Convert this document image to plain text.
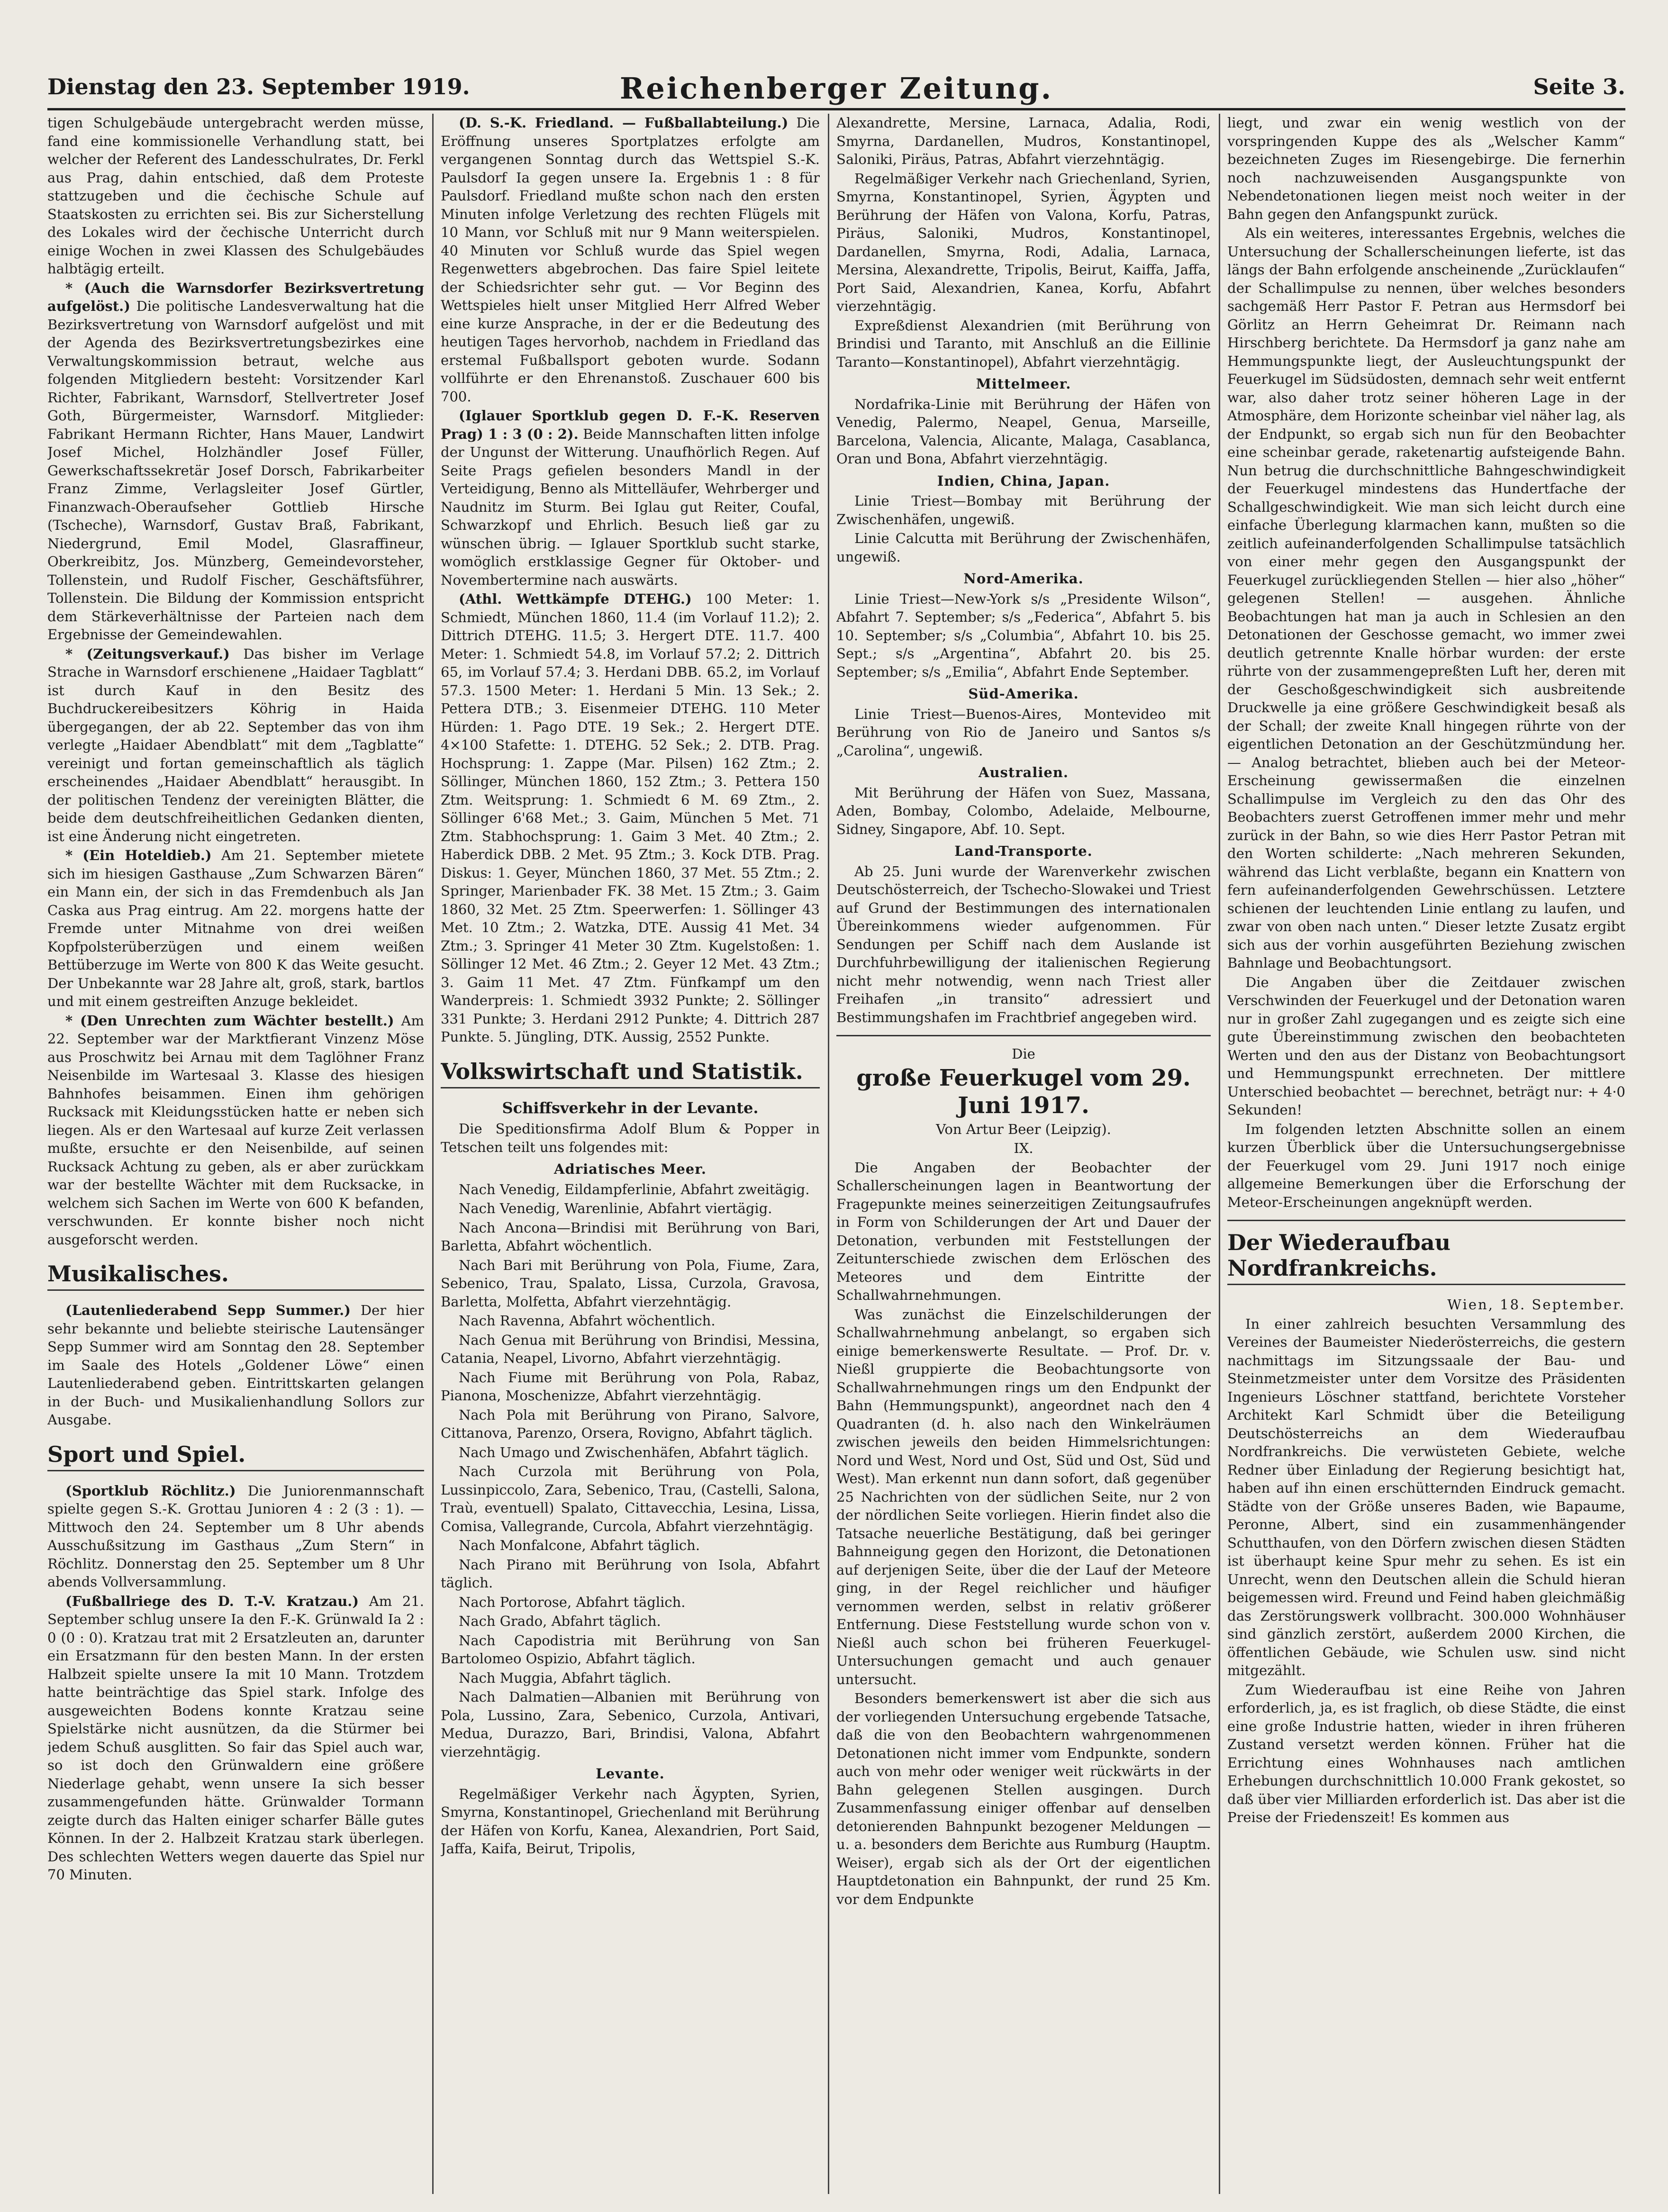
Dienstag den 23. September 1919.	Reichenberger Zeitung.	Seite 3.

tigen Schulgebäude untergebracht werden müsse, fand eine kommissionelle Verhandlung statt, bei welcher der Referent des Landesschulrates, Dr. Ferkl aus Prag, dahin entschied, daß dem Proteste stattzugeben und die čechische Schule auf Staatskosten zu errichten sei. Bis zur Sicherstellung des Lokales wird der čechische Unterricht durch einige Wochen in zwei Klassen des Schulgebäudes halbtägig erteilt.

* (Auch die Warnsdorfer Bezirksvertretung aufgelöst.) Die politische Landesverwaltung hat die Bezirksvertretung von Warnsdorf aufgelöst und mit der Agenda des Bezirksvertretungsbezirkes eine Verwaltungskommission betraut, welche aus folgenden Mitgliedern besteht: Vorsitzender Karl Richter, Fabrikant, Warnsdorf, Stellvertreter Josef Goth, Bürgermeister, Warnsdorf. Mitglieder: Fabrikant Hermann Richter, Hans Mauer, Landwirt Josef Michel, Holzhändler Josef Füller, Gewerkschaftssekretär Josef Dorsch, Fabrikarbeiter Franz Zimme, Verlagsleiter Josef Gürtler, Finanzwach-Oberaufseher Gottlieb Hirsche (Tscheche), Warnsdorf, Gustav Braß, Fabrikant, Niedergrund, Emil Model, Glasraffineur, Oberkreibitz, Jos. Münzberg, Gemeindevorsteher, Tollenstein, und Rudolf Fischer, Geschäftsführer, Tollenstein. Die Bildung der Kommission entspricht dem Stärkeverhältnisse der Parteien nach dem Ergebnisse der Gemeindewahlen.

* (Zeitungsverkauf.) Das bisher im Verlage Strache in Warnsdorf erschienene „Haidaer Tagblatt“ ist durch Kauf in den Besitz des Buchdruckereibesitzers Köhrig in Haida übergegangen, der ab 22. September das von ihm verlegte „Haidaer Abendblatt“ mit dem „Tagblatte“ vereinigt und fortan gemeinschaftlich als täglich erscheinendes „Haidaer Abendblatt“ herausgibt. In der politischen Tendenz der vereinigten Blätter, die beide dem deutschfreiheitlichen Gedanken dienten, ist eine Änderung nicht eingetreten.

* (Ein Hoteldieb.) Am 21. September mietete sich im hiesigen Gasthause „Zum Schwarzen Bären“ ein Mann ein, der sich in das Fremdenbuch als Jan Caska aus Prag eintrug. Am 22. morgens hatte der Fremde unter Mitnahme von drei weißen Kopfpolsterüberzügen und einem weißen Bettüberzuge im Werte von 800 K das Weite gesucht. Der Unbekannte war 28 Jahre alt, groß, stark, bartlos und mit einem gestreiften Anzuge bekleidet.

* (Den Unrechten zum Wächter bestellt.) Am 22. September war der Marktfierant Vinzenz Möse aus Proschwitz bei Arnau mit dem Taglöhner Franz Neisenbilde im Wartesaal 3. Klasse des hiesigen Bahnhofes beisammen. Einen ihm gehörigen Rucksack mit Kleidungsstücken hatte er neben sich liegen. Als er den Wartesaal auf kurze Zeit verlassen mußte, ersuchte er den Neisenbilde, auf seinen Rucksack Achtung zu geben, als er aber zurückkam war der bestellte Wächter mit dem Rucksacke, in welchem sich Sachen im Werte von 600 K befanden, verschwunden. Er konnte bisher noch nicht ausgeforscht werden.

Musikalisches.

(Lautenliederabend Sepp Summer.) Der hier sehr bekannte und beliebte steirische Lautensänger Sepp Summer wird am Sonntag den 28. September im Saale des Hotels „Goldener Löwe“ einen Lautenliederabend geben. Eintrittskarten gelangen in der Buch- und Musikalienhandlung Sollors zur Ausgabe.

Sport und Spiel.

(Sportklub Röchlitz.) Die Juniorenmannschaft spielte gegen S.-K. Grottau Junioren 4 : 2 (3 : 1). — Mittwoch den 24. September um 8 Uhr abends Ausschußsitzung im Gasthaus „Zum Stern“ in Röchlitz. Donnerstag den 25. September um 8 Uhr abends Vollversammlung.

(Fußballriege des D. T.-V. Kratzau.) Am 21. September schlug unsere Ia den F.-K. Grünwald Ia 2 : 0 (0 : 0). Kratzau trat mit 2 Ersatzleuten an, darunter ein Ersatzmann für den besten Mann. In der ersten Halbzeit spielte unsere Ia mit 10 Mann. Trotzdem hatte beinträchtige das Spiel stark. Infolge des ausgeweichten Bodens konnte Kratzau seine Spielstärke nicht ausnützen, da die Stürmer bei jedem Schuß ausglitten. So fair das Spiel auch war, so ist doch den Grünwaldern eine größere Niederlage gehabt, wenn unsere Ia sich besser zusammengefunden hätte. Grünwalder Tormann zeigte durch das Halten einiger scharfer Bälle gutes Können. In der 2. Halbzeit Kratzau stark überlegen. Des schlechten Wetters wegen dauerte das Spiel nur 70 Minuten.

(D. S.-K. Friedland. — Fußballabteilung.) Die Eröffnung unseres Sportplatzes erfolgte am vergangenen Sonntag durch das Wettspiel S.-K. Paulsdorf Ia gegen unsere Ia. Ergebnis 1 : 8 für Paulsdorf. Friedland mußte schon nach den ersten Minuten infolge Verletzung des rechten Flügels mit 10 Mann, vor Schluß mit nur 9 Mann weiterspielen. 40 Minuten vor Schluß wurde das Spiel wegen Regenwetters abgebrochen. Das faire Spiel leitete der Schiedsrichter sehr gut. — Vor Beginn des Wettspieles hielt unser Mitglied Herr Alfred Weber eine kurze Ansprache, in der er die Bedeutung des heutigen Tages hervorhob, nachdem in Friedland das erstemal Fußballsport geboten wurde. Sodann vollführte er den Ehrenanstoß. Zuschauer 600 bis 700.

(Iglauer Sportklub gegen D. F.-K. Reserven Prag) 1 : 3 (0 : 2). Beide Mannschaften litten infolge der Ungunst der Witterung. Unaufhörlich Regen. Auf Seite Prags gefielen besonders Mandl in der Verteidigung, Benno als Mittelläufer, Wehrberger und Naudnitz im Sturm. Bei Iglau gut Reiter, Coufal, Schwarzkopf und Ehrlich. Besuch ließ gar zu wünschen übrig. — Iglauer Sportklub sucht starke, womöglich erstklassige Gegner für Oktober- und Novembertermine nach auswärts.

(Athl. Wettkämpfe DTEHG.) 100 Meter: 1. Schmiedt, München 1860, 11.4 (im Vorlauf 11.2); 2. Dittrich DTEHG. 11.5; 3. Hergert DTE. 11.7. 400 Meter: 1. Schmiedt 54.8, im Vorlauf 57.2; 2. Dittrich 65, im Vorlauf 57.4; 3. Herdani DBB. 65.2, im Vorlauf 57.3. 1500 Meter: 1. Herdani 5 Min. 13 Sek.; 2. Pettera DTB.; 3. Eisenmeier DTEHG. 110 Meter Hürden: 1. Pago DTE. 19 Sek.; 2. Hergert DTE. 4×100 Stafette: 1. DTEHG. 52 Sek.; 2. DTB. Prag. Hochsprung: 1. Zappe (Mar. Pilsen) 162 Ztm.; 2. Söllinger, München 1860, 152 Ztm.; 3. Pettera 150 Ztm. Weitsprung: 1. Schmiedt 6 M. 69 Ztm., 2. Söllinger 6'68 Met.; 3. Gaim, München 5 Met. 71 Ztm. Stabhochsprung: 1. Gaim 3 Met. 40 Ztm.; 2. Haberdick DBB. 2 Met. 95 Ztm.; 3. Kock DTB. Prag. Diskus: 1. Geyer, München 1860, 37 Met. 55 Ztm.; 2. Springer, Marienbader FK. 38 Met. 15 Ztm.; 3. Gaim 1860, 32 Met. 25 Ztm. Speerwerfen: 1. Söllinger 43 Met. 10 Ztm.; 2. Watzka, DTE. Aussig 41 Met. 34 Ztm.; 3. Springer 41 Meter 30 Ztm. Kugelstoßen: 1. Söllinger 12 Met. 46 Ztm.; 2. Geyer 12 Met. 43 Ztm.; 3. Gaim 11 Met. 47 Ztm. Fünfkampf um den Wanderpreis: 1. Schmiedt 3932 Punkte; 2. Söllinger 331 Punkte; 3. Herdani 2912 Punkte; 4. Dittrich 287 Punkte. 5. Jüngling, DTK. Aussig, 2552 Punkte.

Volkswirtschaft und Statistik.
Schiffsverkehr in der Levante.

Die Speditionsfirma Adolf Blum & Popper in Tetschen teilt uns folgendes mit:

Adriatisches Meer.

Nach Venedig, Eildampferlinie, Abfahrt zweitägig.

Nach Venedig, Warenlinie, Abfahrt viertägig.

Nach Ancona—Brindisi mit Berührung von Bari, Barletta, Abfahrt wöchentlich.

Nach Bari mit Berührung von Pola, Fiume, Zara, Sebenico, Trau, Spalato, Lissa, Curzola, Gravosa, Barletta, Molfetta, Abfahrt vierzehntägig.

Nach Ravenna, Abfahrt wöchentlich.

Nach Genua mit Berührung von Brindisi, Messina, Catania, Neapel, Livorno, Abfahrt vierzehntägig.

Nach Fiume mit Berührung von Pola, Rabaz, Pianona, Moschenizze, Abfahrt vierzehntägig.

Nach Pola mit Berührung von Pirano, Salvore, Cittanova, Parenzo, Orsera, Rovigno, Abfahrt täglich.

Nach Umago und Zwischenhäfen, Abfahrt täglich.

Nach Curzola mit Berührung von Pola, Lussinpiccolo, Zara, Sebenico, Trau, (Castelli, Salona, Traù, eventuell) Spalato, Cittavecchia, Lesina, Lissa, Comisa, Vallegrande, Curcola, Abfahrt vierzehntägig.

Nach Monfalcone, Abfahrt täglich.

Nach Pirano mit Berührung von Isola, Abfahrt täglich.

Nach Portorose, Abfahrt täglich.

Nach Grado, Abfahrt täglich.

Nach Capodistria mit Berührung von San Bartolomeo Ospizio, Abfahrt täglich.

Nach Muggia, Abfahrt täglich.

Nach Dalmatien—Albanien mit Berührung von Pola, Lussino, Zara, Sebenico, Curzola, Antivari, Medua, Durazzo, Bari, Brindisi, Valona, Abfahrt vierzehntägig.

Levante.

Regelmäßiger Verkehr nach Ägypten, Syrien, Smyrna, Konstantinopel, Griechenland mit Berührung der Häfen von Korfu, Kanea, Alexandrien, Port Said, Jaffa, Kaifa, Beirut, Tripolis,

Alexandrette, Mersine, Larnaca, Adalia, Rodi, Smyrna, Dardanellen, Mudros, Konstantinopel, Saloniki, Piräus, Patras, Abfahrt vierzehntägig.

Regelmäßiger Verkehr nach Griechenland, Syrien, Smyrna, Konstantinopel, Syrien, Ägypten und Berührung der Häfen von Valona, Korfu, Patras, Piräus, Saloniki, Mudros, Konstantinopel, Dardanellen, Smyrna, Rodi, Adalia, Larnaca, Mersina, Alexandrette, Tripolis, Beirut, Kaiffa, Jaffa, Port Said, Alexandrien, Kanea, Korfu, Abfahrt vierzehntägig.

Expreßdienst Alexandrien (mit Berührung von Brindisi und Taranto, mit Anschluß an die Eillinie Taranto—Konstantinopel), Abfahrt vierzehntägig.

Mittelmeer.

Nordafrika-Linie mit Berührung der Häfen von Venedig, Palermo, Neapel, Genua, Marseille, Barcelona, Valencia, Alicante, Malaga, Casablanca, Oran und Bona, Abfahrt vierzehntägig.

Indien, China, Japan.

Linie Triest—Bombay mit Berührung der Zwischenhäfen, ungewiß.

Linie Calcutta mit Berührung der Zwischenhäfen, ungewiß.

Nord-Amerika.

Linie Triest—New-York s/s „Presidente Wilson“, Abfahrt 7. September; s/s „Federica“, Abfahrt 5. bis 10. September; s/s „Columbia“, Abfahrt 10. bis 25. Sept.; s/s „Argentina“, Abfahrt 20. bis 25. September; s/s „Emilia“, Abfahrt Ende September.

Süd-Amerika.

Linie Triest—Buenos-Aires, Montevideo mit Berührung von Rio de Janeiro und Santos s/s „Carolina“, ungewiß.

Australien.

Mit Berührung der Häfen von Suez, Massana, Aden, Bombay, Colombo, Adelaide, Melbourne, Sidney, Singapore, Abf. 10. Sept.

Land-Transporte.

Ab 25. Juni wurde der Warenverkehr zwischen Deutschösterreich, der Tschecho-Slowakei und Triest auf Grund der Bestimmungen des internationalen Übereinkommens wieder aufgenommen. Für Sendungen per Schiff nach dem Auslande ist Durchfuhrbewilligung der italienischen Regierung nicht mehr notwendig, wenn nach Triest aller Freihafen „in transito“ adressiert und Bestimmungshafen im Frachtbrief angegeben wird.

Die

große Feuerkugel vom 29. Juni 1917.

Von Artur Beer (Leipzig).

IX.

Die Angaben der Beobachter der Schallerscheinungen lagen in Beantwortung der Fragepunkte meines seinerzeitigen Zeitungsaufrufes in Form von Schilderungen der Art und Dauer der Detonation, verbunden mit Feststellungen der Zeitunterschiede zwischen dem Erlöschen des Meteores und dem Eintritte der Schallwahrnehmungen.

Was zunächst die Einzelschilderungen der Schallwahrnehmung anbelangt, so ergaben sich einige bemerkenswerte Resultate. — Prof. Dr. v. Nießl gruppierte die Beobachtungsorte von Schallwahrnehmungen rings um den Endpunkt der Bahn (Hemmungspunkt), angeordnet nach den 4 Quadranten (d. h. also nach den Winkelräumen zwischen jeweils den beiden Himmelsrichtungen: Nord und West, Nord und Ost, Süd und Ost, Süd und West). Man erkennt nun dann sofort, daß gegenüber 25 Nachrichten von der südlichen Seite, nur 2 von der nördlichen Seite vorliegen. Hierin findet also die Tatsache neuerliche Bestätigung, daß bei geringer Bahnneigung gegen den Horizont, die Detonationen auf derjenigen Seite, über die der Lauf der Meteore ging, in der Regel reichlicher und häufiger vernommen werden, selbst in relativ größerer Entfernung. Diese Feststellung wurde schon von v. Nießl auch schon bei früheren Feuerkugel-Untersuchungen gemacht und auch genauer untersucht.

Besonders bemerkenswert ist aber die sich aus der vorliegenden Untersuchung ergebende Tatsache, daß die von den Beobachtern wahrgenommenen Detonationen nicht immer vom Endpunkte, sondern auch von mehr oder weniger weit rückwärts in der Bahn gelegenen Stellen ausgingen. Durch Zusammenfassung einiger offenbar auf denselben detonierenden Bahnpunkt bezogener Meldungen — u. a. besonders dem Berichte aus Rumburg (Hauptm. Weiser), ergab sich als der Ort der eigentlichen Hauptdetonation ein Bahnpunkt, der rund 25 Km. vor dem Endpunkte

liegt, und zwar ein wenig westlich von der vorspringenden Kuppe des als „Welscher Kamm“ bezeichneten Zuges im Riesengebirge. Die fernerhin noch nachzuweisenden Ausgangspunkte von Nebendetonationen liegen meist noch weiter in der Bahn gegen den Anfangspunkt zurück.

Als ein weiteres, interessantes Ergebnis, welches die Untersuchung der Schallerscheinungen lieferte, ist das längs der Bahn erfolgende anscheinende „Zurücklaufen“ der Schallimpulse zu nennen, über welches besonders sachgemäß Herr Pastor F. Petran aus Hermsdorf bei Görlitz an Herrn Geheimrat Dr. Reimann nach Hirschberg berichtete. Da Hermsdorf ja ganz nahe am Hemmungspunkte liegt, der Ausleuchtungspunkt der Feuerkugel im Südsüdosten, demnach sehr weit entfernt war, also daher trotz seiner höheren Lage in der Atmosphäre, dem Horizonte scheinbar viel näher lag, als der Endpunkt, so ergab sich nun für den Beobachter eine scheinbar gerade, raketenartig aufsteigende Bahn. Nun betrug die durchschnittliche Bahngeschwindigkeit der Feuerkugel mindestens das Hundertfache der Schallgeschwindigkeit. Wie man sich leicht durch eine einfache Überlegung klarmachen kann, mußten so die zeitlich aufeinanderfolgenden Schallimpulse tatsächlich von einer mehr gegen den Ausgangspunkt der Feuerkugel zurückliegenden Stellen — hier also „höher“ gelegenen Stellen! — ausgehen. Ähnliche Beobachtungen hat man ja auch in Schlesien an den Detonationen der Geschosse gemacht, wo immer zwei deutlich getrennte Knalle hörbar wurden: der erste rührte von der zusammengepreßten Luft her, deren mit der Geschoßgeschwindigkeit sich ausbreitende Druckwelle ja eine größere Geschwindigkeit besaß als der Schall; der zweite Knall hingegen rührte von der eigentlichen Detonation an der Geschützmündung her. — Analog betrachtet, blieben auch bei der Meteor-Erscheinung gewissermaßen die einzelnen Schallimpulse im Vergleich zu den das Ohr des Beobachters zuerst Getroffenen immer mehr und mehr zurück in der Bahn, so wie dies Herr Pastor Petran mit den Worten schilderte: „Nach mehreren Sekunden, während das Licht verblaßte, begann ein Knattern von fern aufeinanderfolgenden Gewehrschüssen. Letztere schienen der leuchtenden Linie entlang zu laufen, und zwar von oben nach unten.“ Dieser letzte Zusatz ergibt sich aus der vorhin ausgeführten Beziehung zwischen Bahnlage und Beobachtungsort.

Die Angaben über die Zeitdauer zwischen Verschwinden der Feuerkugel und der Detonation waren nur in großer Zahl zugegangen und es zeigte sich eine gute Übereinstimmung zwischen den beobachteten Werten und den aus der Distanz von Beobachtungsort und Hemmungspunkt errechneten. Der mittlere Unterschied beobachtet — berechnet, beträgt nur: + 4·0 Sekunden!

Im folgenden letzten Abschnitte sollen an einem kurzen Überblick über die Untersuchungsergebnisse der Feuerkugel vom 29. Juni 1917 noch einige allgemeine Bemerkungen über die Erforschung der Meteor-Erscheinungen angeknüpft werden.

Der Wiederaufbau Nordfrankreichs.

Wien, 18. September.

In einer zahlreich besuchten Versammlung des Vereines der Baumeister Niederösterreichs, die gestern nachmittags im Sitzungssaale der Bau- und Steinmetzmeister unter dem Vorsitze des Präsidenten Ingenieurs Löschner stattfand, berichtete Vorsteher Architekt Karl Schmidt über die Beteiligung Deutschösterreichs an dem Wiederaufbau Nordfrankreichs. Die verwüsteten Gebiete, welche Redner über Einladung der Regierung besichtigt hat, haben auf ihn einen erschütternden Eindruck gemacht. Städte von der Größe unseres Baden, wie Bapaume, Peronne, Albert, sind ein zusammenhängender Schutthaufen, von den Dörfern zwischen diesen Städten ist überhaupt keine Spur mehr zu sehen. Es ist ein Unrecht, wenn den Deutschen allein die Schuld hieran beigemessen wird. Freund und Feind haben gleichmäßig das Zerstörungswerk vollbracht. 300.000 Wohnhäuser sind gänzlich zerstört, außerdem 2000 Kirchen, die öffentlichen Gebäude, wie Schulen usw. sind nicht mitgezählt.

Zum Wiederaufbau ist eine Reihe von Jahren erforderlich, ja, es ist fraglich, ob diese Städte, die einst eine große Industrie hatten, wieder in ihren früheren Zustand versetzt werden können. Früher hat die Errichtung eines Wohnhauses nach amtlichen Erhebungen durchschnittlich 10.000 Frank gekostet, so daß über vier Milliarden erforderlich ist. Das aber ist die Preise der Friedenszeit! Es kommen aus
